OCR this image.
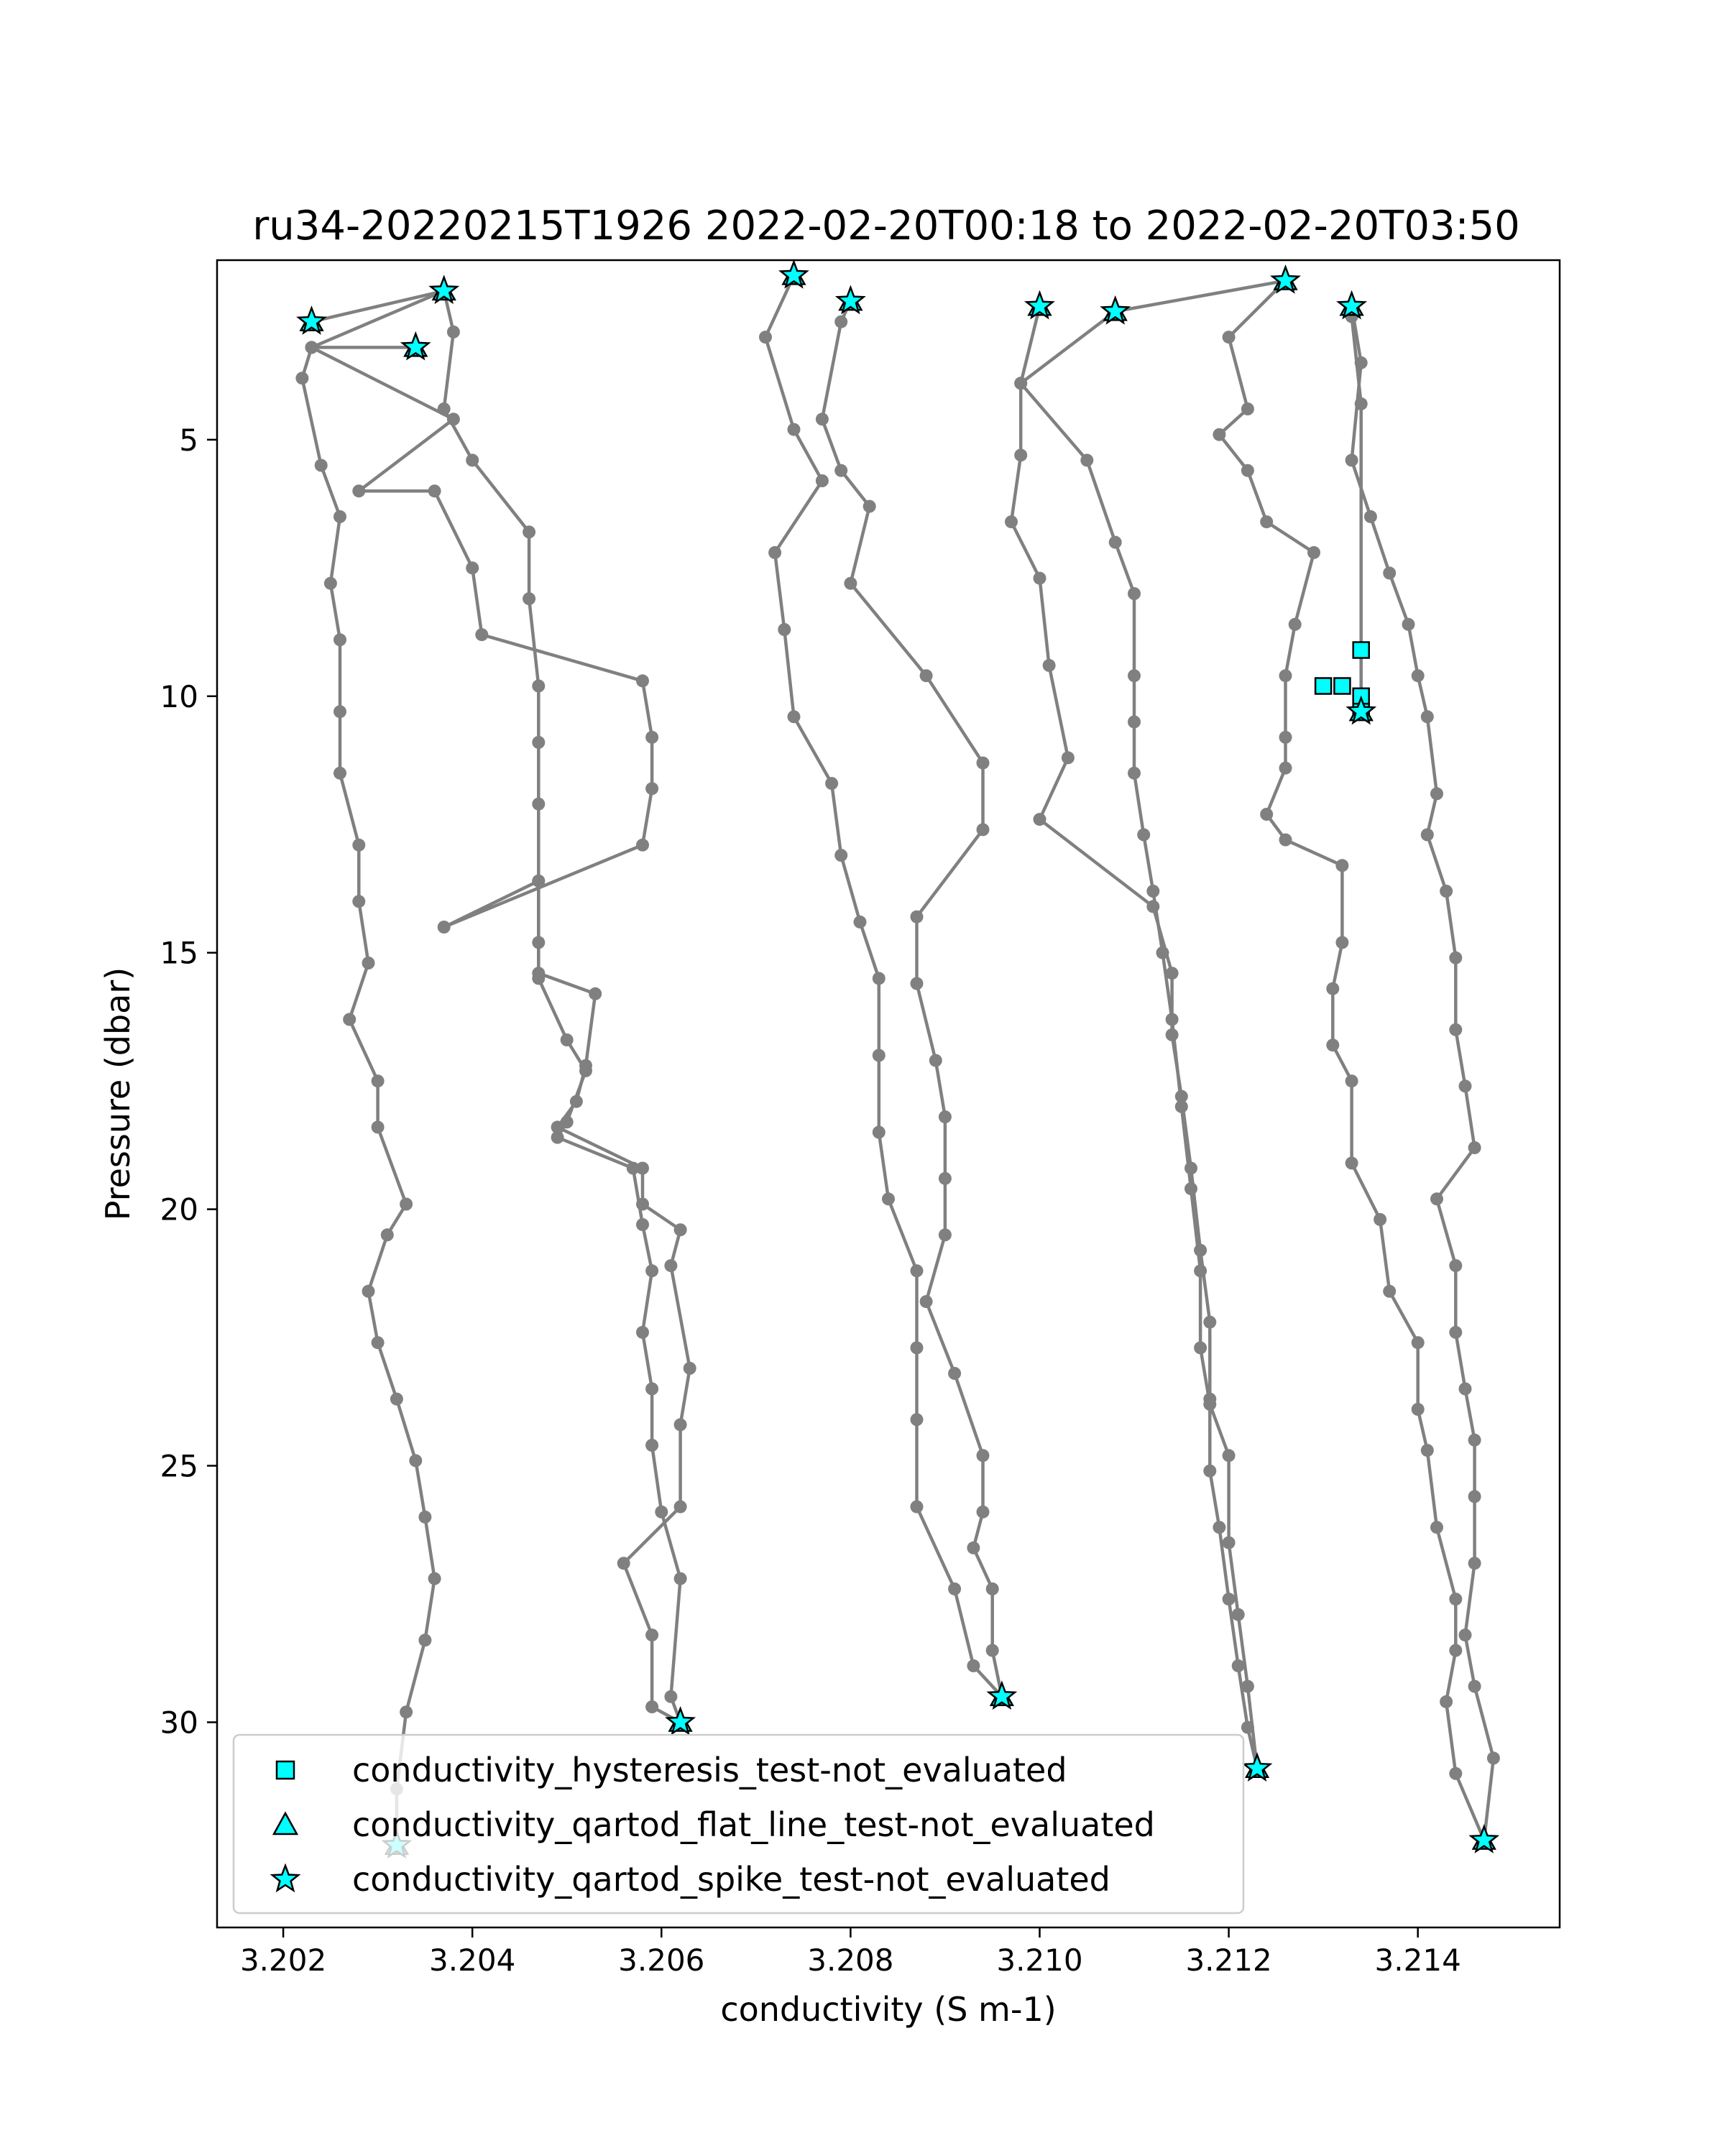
ru34-20220215T1926 2022-02-20T00:18 to 2022-02-20T03:50
3.202	3.204	3.206	3.208	3.210	3.212	3.214
5
10
15
20
25
30
conductivity (S m-1)
Pressure (dbar)
conductivity_hysteresis_test-not_evaluated
conductivity_qartod_flat_line_test-not_evaluated
conductivity_qartod_spike_test-not_evaluated
